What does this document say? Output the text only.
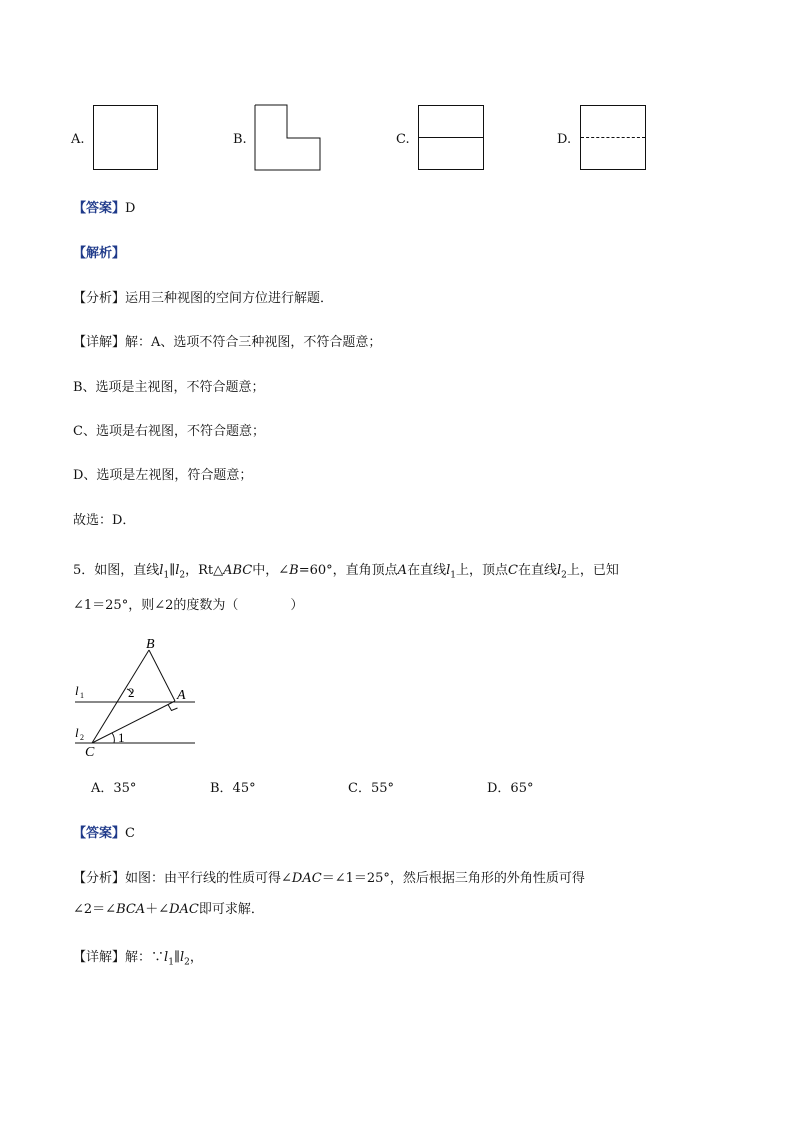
A.	B.	C.	D.
【答案】D
【解析】
【分析】运用三种视图的空间方位进行解题．
【详解】解：A、选项不符合三种视图，不符合题意；
B、选项是主视图，不符合题意；
C、选项是右视图，不符合题意；
D、选项是左视图，符合题意；
故选：D．
5．如图，直线$l_1\parallel l_2$，Rt△ABC中，∠B=60°，直角顶点A在直线$l_1$上，顶点C在直线$l_2$上，已知
∠1＝25°，则∠2的度数为（　　　　）
B
A
C
l 1
l 2
2
1
A．35°	B．45°	C．55°	D．65°
【答案】C
【分析】如图：由平行线的性质可得∠DAC＝∠1＝25°，然后根据三角形的外角性质可得
∠2＝∠BCA＋∠DAC即可求解．
【详解】解：$\because l_1\parallel l_2$，
